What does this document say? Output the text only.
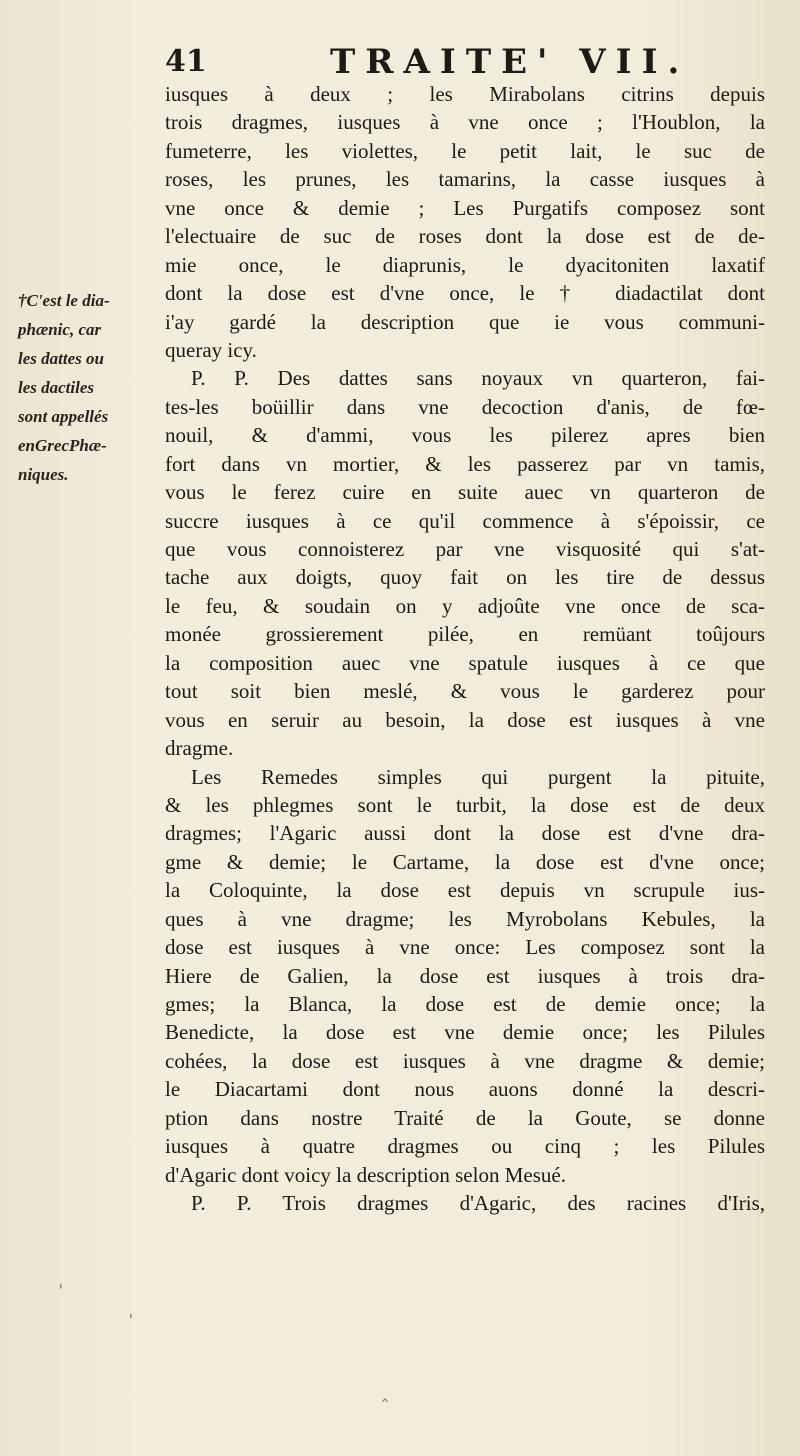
41	TRAITE' VII.
†C'est le dia-
phænic, car
les dattes ou
les dactiles
sont appellés
enGrecPhæ-
niques.
iusques à deux ; les Mirabolans citrins depuis
trois dragmes, iusques à vne once ; l'Houblon, la
fumeterre, les violettes, le petit lait, le suc de
roses, les prunes, les tamarins, la casse iusques à
vne once & demie ; Les Purgatifs composez sont
l'electuaire de suc de roses dont la dose est de de-
mie once, le diaprunis, le dyacitoniten laxatif
dont la dose est d'vne once, le † diadactilat dont
i'ay gardé la description que ie vous communi-
queray icy.
P. P. Des dattes sans noyaux vn quarteron, fai-
tes-les boüillir dans vne decoction d'anis, de fœ-
nouil, & d'ammi, vous les pilerez apres bien
fort dans vn mortier, & les passerez par vn tamis,
vous le ferez cuire en suite auec vn quarteron de
succre iusques à ce qu'il commence à s'époissir, ce
que vous connoisterez par vne visquosité qui s'at-
tache aux doigts, quoy fait on les tire de dessus
le feu, & soudain on y adjoûte vne once de sca-
monée grossierement pilée, en remüant toûjours
la composition auec vne spatule iusques à ce que
tout soit bien meslé, & vous le garderez pour
vous en seruir au besoin, la dose est iusques à vne
dragme.
Les Remedes simples qui purgent la pituite,
& les phlegmes sont le turbit, la dose est de deux
dragmes; l'Agaric aussi dont la dose est d'vne dra-
gme & demie; le Cartame, la dose est d'vne once;
la Coloquinte, la dose est depuis vn scrupule ius-
ques à vne dragme; les Myrobolans Kebules, la
dose est iusques à vne once: Les composez sont la
Hiere de Galien, la dose est iusques à trois dra-
gmes; la Blanca, la dose est de demie once; la
Benedicte, la dose est vne demie once; les Pilules
cohées, la dose est iusques à vne dragme & demie;
le Diacartami dont nous auons donné la descri-
ption dans nostre Traité de la Goute, se donne
iusques à quatre dragmes ou cinq ; les Pilules
d'Agaric dont voicy la description selon Mesué.
P. P. Trois dragmes d'Agaric, des racines d'Iris,
ˈ
ˈ
ˆ
